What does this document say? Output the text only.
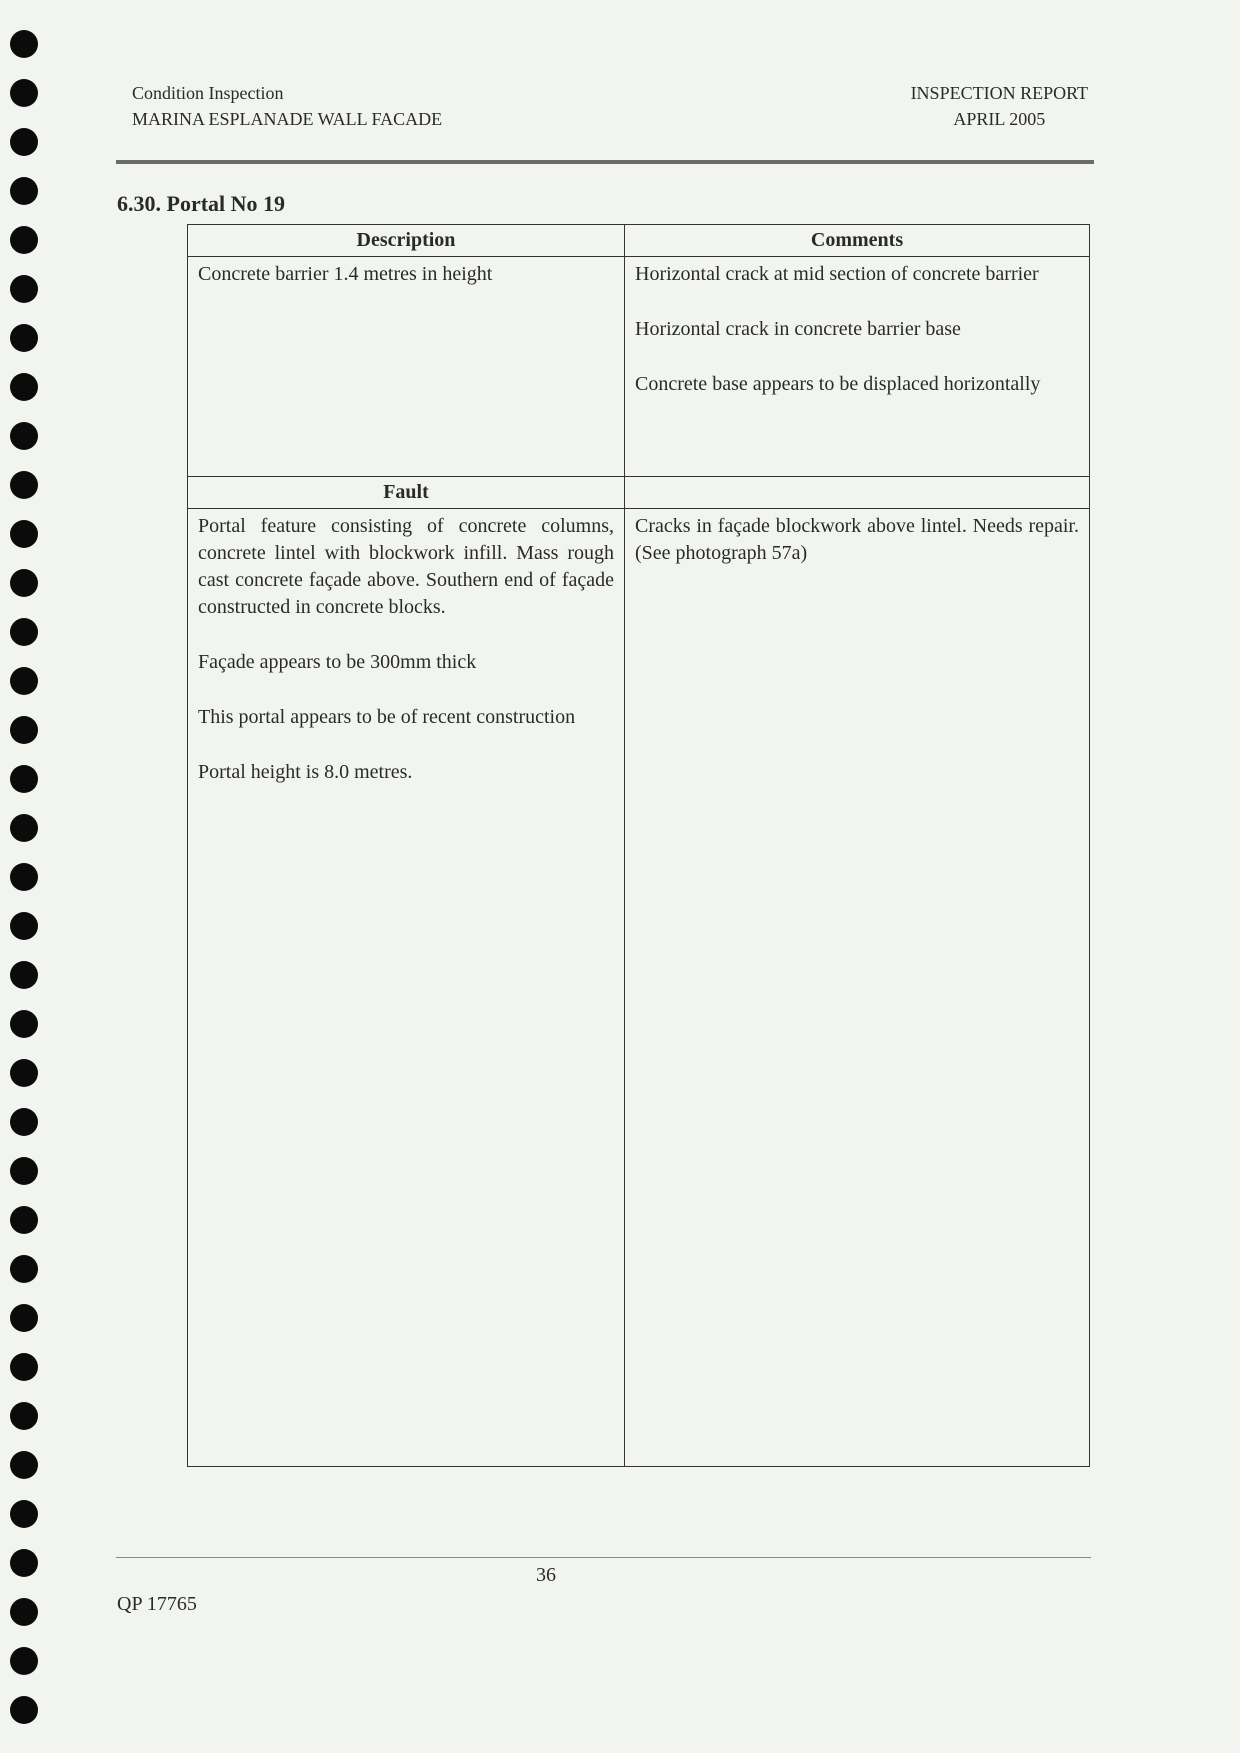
Condition Inspection
MARINA ESPLANADE WALL FACADE
INSPECTION REPORT
APRIL 2005
6.30. Portal No 19
Description	Comments

Concrete barrier 1.4 metres in height	Horizontal crack at mid section of concrete barrier
Horizontal crack in concrete barrier base
Concrete base appears to be displaced horizontally

Fault	

Portal feature consisting of concrete columns, concrete lintel with blockwork infill. Mass rough cast concrete façade above. Southern end of façade constructed in concrete blocks.
Façade appears to be 300mm thick
This portal appears to be of recent construction
Portal height is 8.0 metres.	Cracks in façade blockwork above lintel. Needs repair.(See photograph 57a)
36
QP 17765
